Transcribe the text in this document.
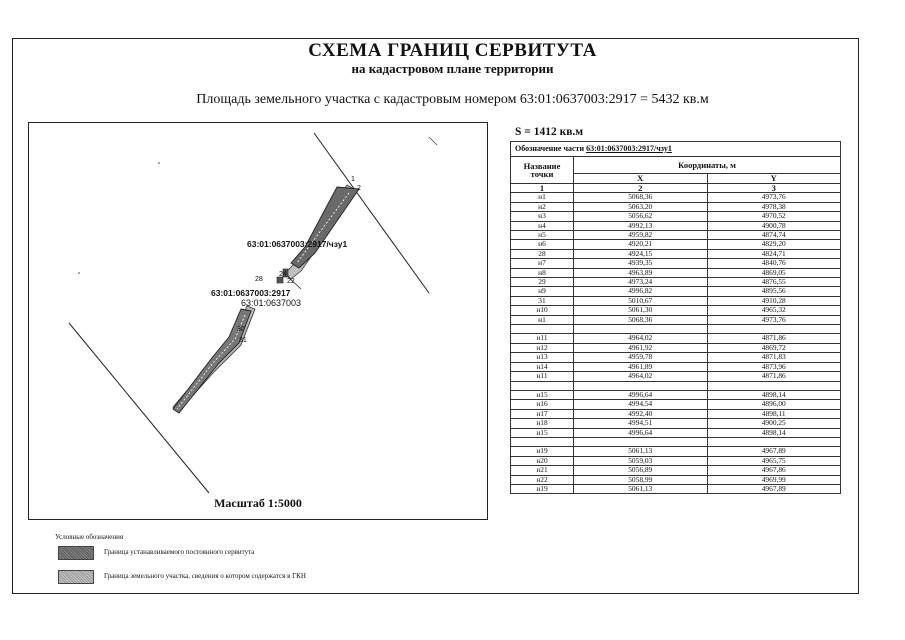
СХЕМА ГРАНИЦ СЕРВИТУТА
на кадастровом плане территории
Площадь земельного участка с кадастровым номером 63:01:0637003:2917 = 5432 кв.м
1
2
28
24
22
30
31
63:01:0637003:2917/чзу1
63:01:0637003:2917
63:01:0637003
Масштаб 1:5000
S = 1412 кв.м
Обозначение части 63:01:0637003:2917/чзу1		
Название точки	Координаты, м	
	X	Y
1	2	3
н1	5068,36	4973,76
н2	5063,20	4978,38
н3	5056,62	4970,52
н4	4992,13	4900,78
н5	4959,82	4874,74
н6	4920,21	4829,20
28	4924,15	4824,71
н7	4939,35	4840,76
н8	4963,89	4869,05
29	4973,24	4876,55
н9	4996,82	4895,56
31	5010,67	4910,28
н10	5061,30	4965,32
н1	5068,36	4973,76

н11	4964,02	4871,86
н12	4961,92	4869,72
н13	4959,78	4871,83
н14	4961,89	4873,96
н11	4964,02	4871,86

н15	4996,64	4898,14
н16	4994,54	4896,00
н17	4992,40	4898,11
н18	4994,51	4900,25
н15	4996,64	4898,14

н19	5061,13	4967,89
н20	5059,03	4965,75
н21	5056,89	4967,86
н22	5058,99	4969,99
н19	5061,13	4967,89
Условные обозначения
Граница устанавливаемого постоянного сервитута
Граница земельного участка, сведения о котором содержатся в ГКН
